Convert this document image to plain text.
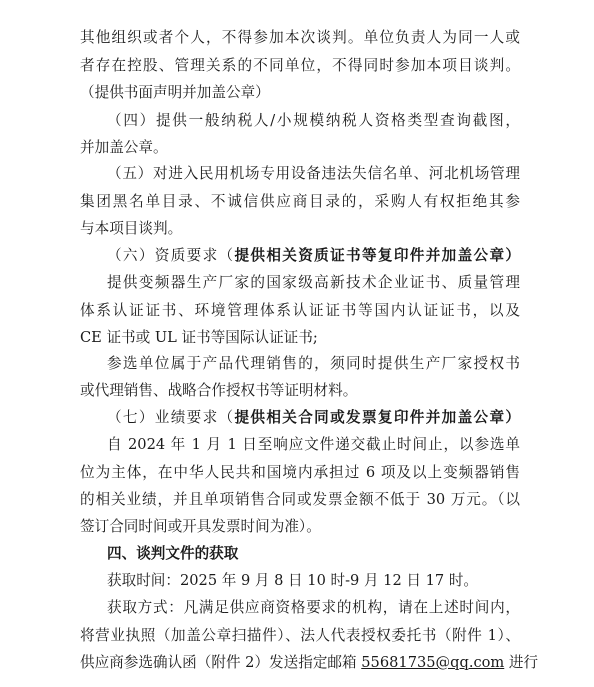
其他组织或者个人，不得参加本次谈判。单位负责人为同一人或
者存在控股、管理关系的不同单位，不得同时参加本项目谈判。
（提供书面声明并加盖公章）
（四）提供一般纳税人/小规模纳税人资格类型查询截图，
并加盖公章。
（五）对进入民用机场专用设备违法失信名单、河北机场管理
集团黑名单目录、不诚信供应商目录的，采购人有权拒绝其参
与本项目谈判。
（六）资质要求（提供相关资质证书等复印件并加盖公章）
提供变频器生产厂家的国家级高新技术企业证书、质量管理
体系认证证书、环境管理体系认证证书等国内认证证书，以及
CE 证书或 UL 证书等国际认证证书;
参选单位属于产品代理销售的，须同时提供生产厂家授权书
或代理销售、战略合作授权书等证明材料。
（七）业绩要求（提供相关合同或发票复印件并加盖公章）
自 2024 年 1 月 1 日至响应文件递交截止时间止，以参选单
位为主体，在中华人民共和国境内承担过 6 项及以上变频器销售
的相关业绩，并且单项销售合同或发票金额不低于 30 万元。（以
签订合同时间或开具发票时间为准）。
四、谈判文件的获取
获取时间：2025 年 9 月 8 日 10 时-9 月 12 日 17 时。
获取方式：凡满足供应商资格要求的机构，请在上述时间内，
将营业执照（加盖公章扫描件）、法人代表授权委托书（附件 1）、
供应商参选确认函（附件 2）发送指定邮箱 55681735@qq.com 进行
